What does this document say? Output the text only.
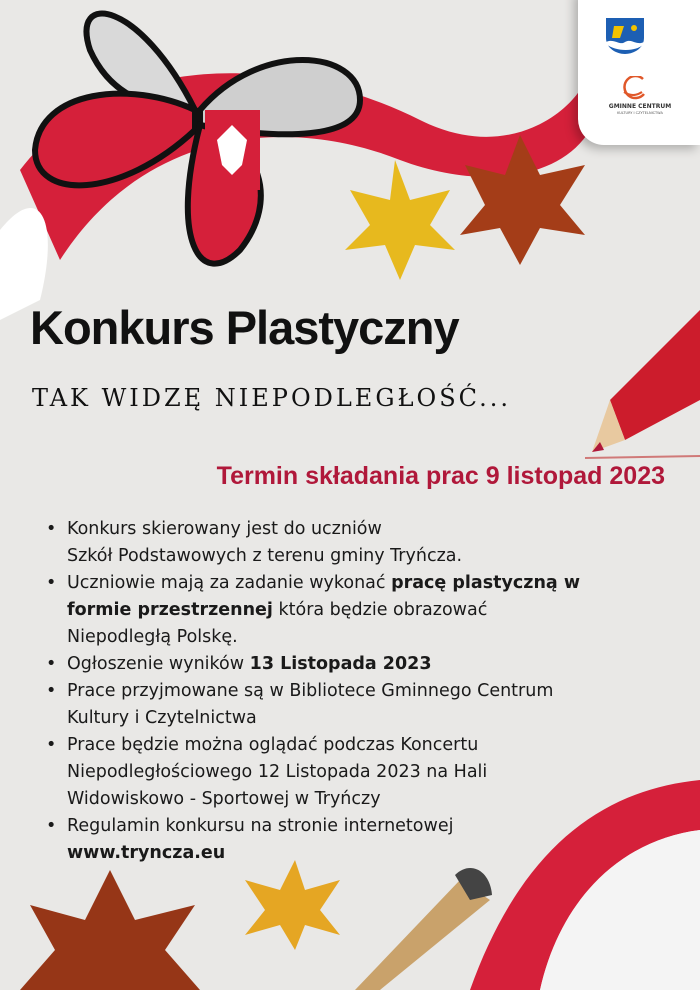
GMINNE CENTRUM
KULTURY I CZYTELNICTWA
Konkurs Plastyczny
TAK WIDZĘ NIEPODLEGŁOŚĆ...
Termin składania prac 9 listopad 2023
• Konkurs skierowany jest do uczniów
Szkół Podstawowych z terenu gminy Tryńcza.
• Uczniowie mają za zadanie wykonać pracę plastyczną w formie przestrzennej która będzie obrazować Niepodległą Polskę.
• Ogłoszenie wyników 13 Listopada 2023
• Prace przyjmowane są w Bibliotece Gminnego Centrum Kultury i Czytelnictwa
• Prace będzie można oglądać podczas Koncertu Niepodległościowego 12 Listopada 2023 na Hali Widowiskowo - Sportowej w Tryńczy
• Regulamin konkursu na stronie internetowej
www.tryncza.eu
